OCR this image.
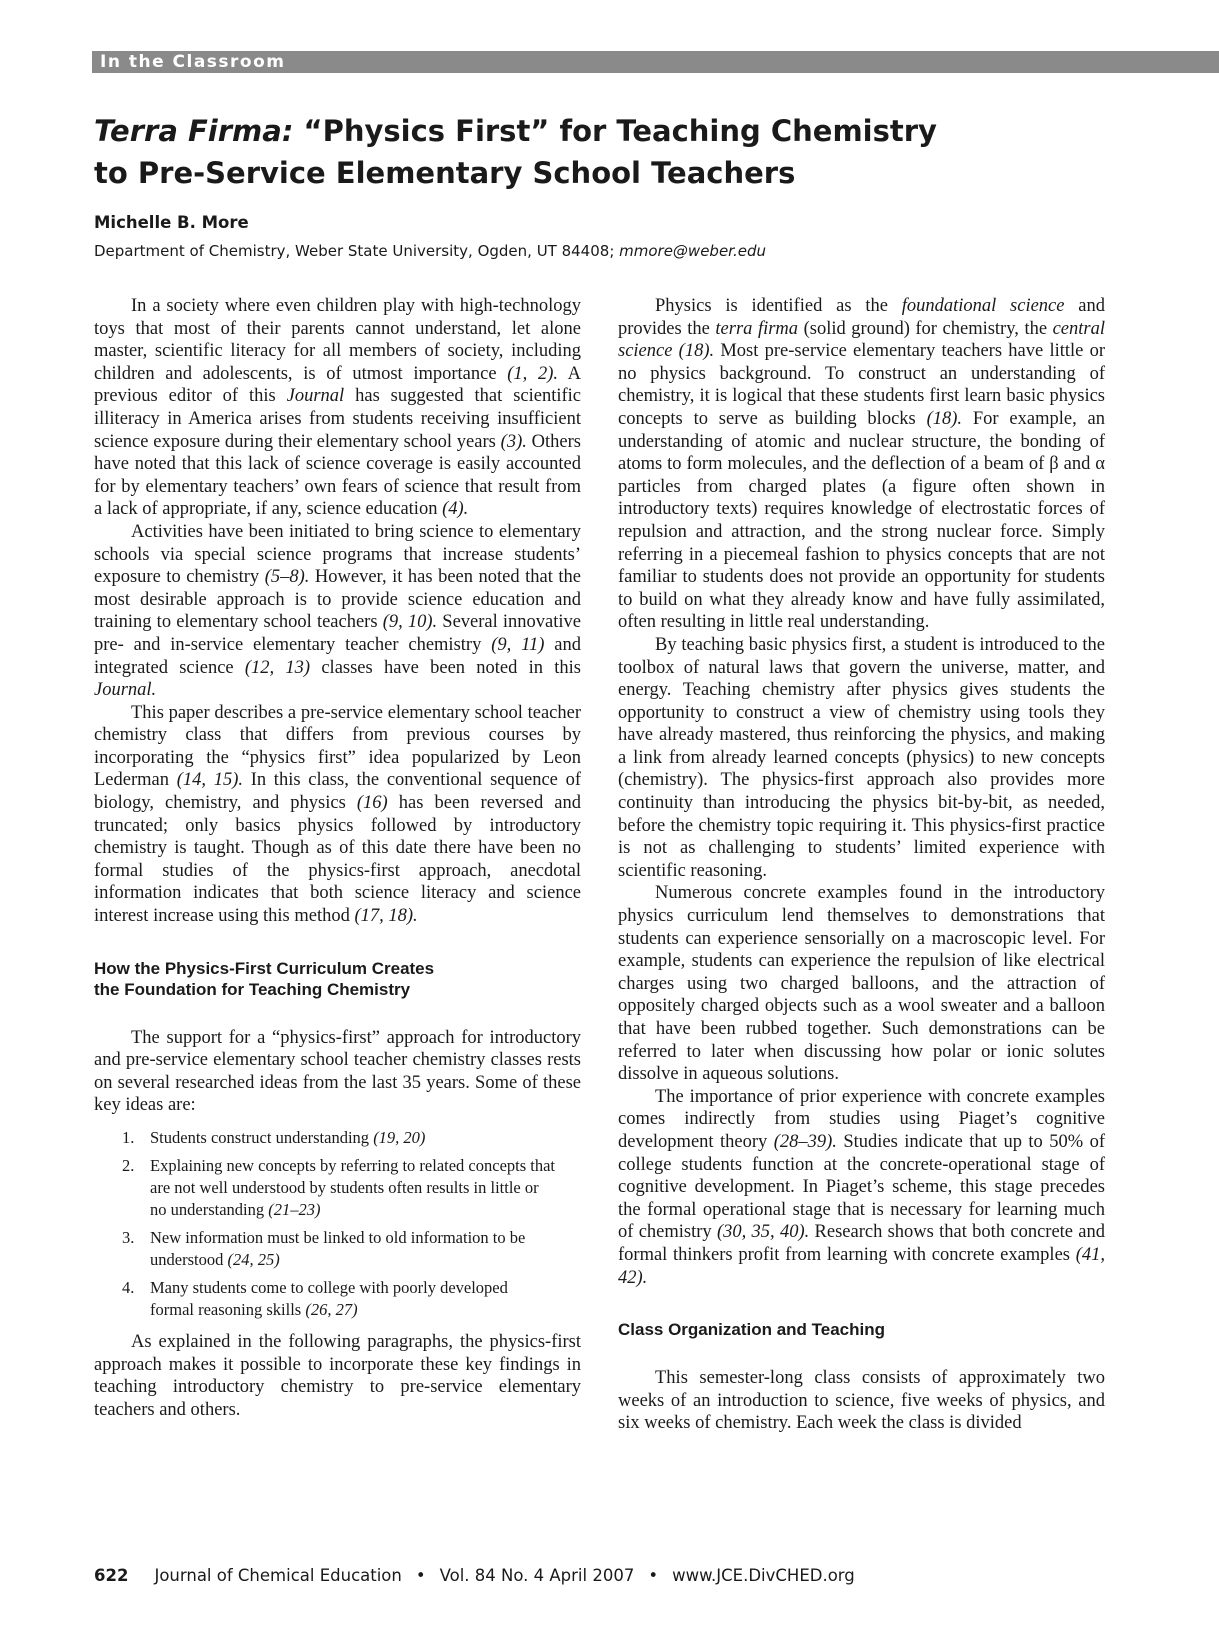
In the Classroom
Terra Firma: “Physics First” for Teaching Chemistry
to Pre-Service Elementary School Teachers
Michelle B. More
Department of Chemistry, Weber State University, Ogden, UT 84408; mmore@weber.edu

In a society where even children play with high-technology toys that most of their parents cannot understand, let alone master, scientific literacy for all members of society, including children and adolescents, is of utmost importance (1, 2). A previous editor of this Journal has suggested that scientific illiteracy in America arises from students receiving insufficient science exposure during their elementary school years (3). Others have noted that this lack of science coverage is easily accounted for by elementary teachers’ own fears of science that result from a lack of appropriate, if any, science education (4).

Activities have been initiated to bring science to elementary schools via special science programs that increase students’ exposure to chemistry (5–8). However, it has been noted that the most desirable approach is to provide science education and training to elementary school teachers (9, 10). Several innovative pre- and in-service elementary teacher chemistry (9, 11) and integrated science (12, 13) classes have been noted in this Journal.

This paper describes a pre-service elementary school teacher chemistry class that differs from previous courses by incorporating the “physics first” idea popularized by Leon Lederman (14, 15). In this class, the conventional sequence of biology, chemistry, and physics (16) has been reversed and truncated; only basics physics followed by introductory chemistry is taught. Though as of this date there have been no formal studies of the physics-first approach, anecdotal information indicates that both science literacy and science interest increase using this method (17, 18).

How the Physics-First Curriculum Creates the Foundation for Teaching Chemistry

The support for a “physics-first” approach for introductory and pre-service elementary school teacher chemistry classes rests on several researched ideas from the last 35 years. Some of these key ideas are:

1. Students construct understanding (19, 20)
2. Explaining new concepts by referring to related concepts that are not well understood by students often results in little or no understanding (21–23)
3. New information must be linked to old information to be understood (24, 25)
4. Many students come to college with poorly developed formal reasoning skills (26, 27)

As explained in the following paragraphs, the physics-first approach makes it possible to incorporate these key findings in teaching introductory chemistry to pre-service elementary teachers and others.

Physics is identified as the foundational science and provides the terra firma (solid ground) for chemistry, the central science (18). Most pre-service elementary teachers have little or no physics background. To construct an understanding of chemistry, it is logical that these students first learn basic physics concepts to serve as building blocks (18). For example, an understanding of atomic and nuclear structure, the bonding of atoms to form molecules, and the deflection of a beam of β and α particles from charged plates (a figure often shown in introductory texts) requires knowledge of electrostatic forces of repulsion and attraction, and the strong nuclear force. Simply referring in a piecemeal fashion to physics concepts that are not familiar to students does not provide an opportunity for students to build on what they already know and have fully assimilated, often resulting in little real understanding.

By teaching basic physics first, a student is introduced to the toolbox of natural laws that govern the universe, matter, and energy. Teaching chemistry after physics gives students the opportunity to construct a view of chemistry using tools they have already mastered, thus reinforcing the physics, and making a link from already learned concepts (physics) to new concepts (chemistry). The physics-first approach also provides more continuity than introducing the physics bit-by-bit, as needed, before the chemistry topic requiring it. This physics-first practice is not as challenging to students’ limited experience with scientific reasoning.

Numerous concrete examples found in the introductory physics curriculum lend themselves to demonstrations that students can experience sensorially on a macroscopic level. For example, students can experience the repulsion of like electrical charges using two charged balloons, and the attraction of oppositely charged objects such as a wool sweater and a balloon that have been rubbed together. Such demonstrations can be referred to later when discussing how polar or ionic solutes dissolve in aqueous solutions.

The importance of prior experience with concrete examples comes indirectly from studies using Piaget’s cognitive development theory (28–39). Studies indicate that up to 50% of college students function at the concrete-operational stage of cognitive development. In Piaget’s scheme, this stage precedes the formal operational stage that is necessary for learning much of chemistry (30, 35, 40). Research shows that both concrete and formal thinkers profit from learning with concrete examples (41, 42).

Class Organization and Teaching

This semester-long class consists of approximately two weeks of an introduction to science, five weeks of physics, and six weeks of chemistry. Each week the class is divided

622 Journal of Chemical Education • Vol. 84 No. 4 April 2007 • www.JCE.DivCHED.org
